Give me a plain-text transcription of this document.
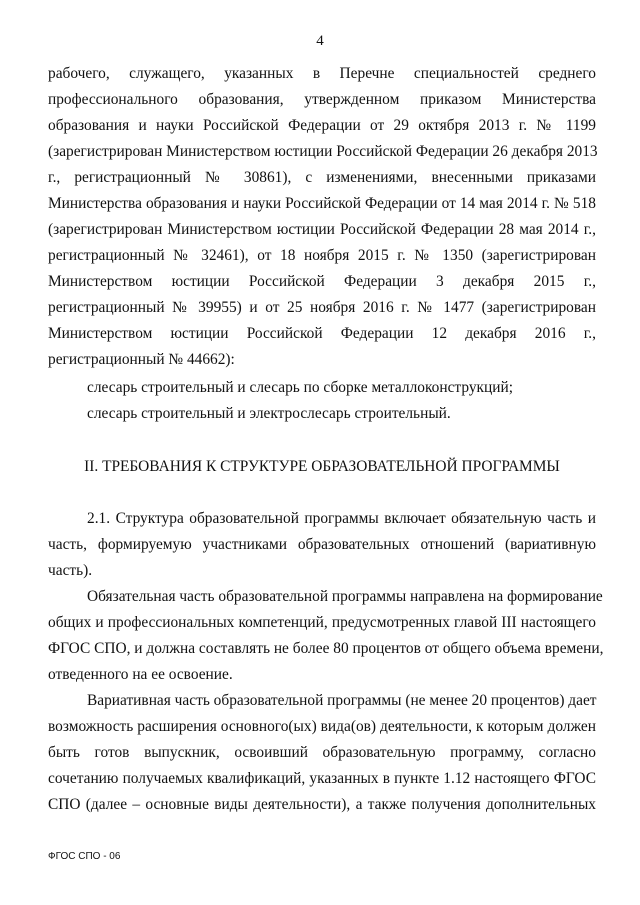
4
рабочего, служащего, указанных в Перечне специальностей среднего
профессионального образования, утвержденном приказом Министерства
образования и науки Российской Федерации от 29 октября 2013 г. № 1199
(зарегистрирован Министерством юстиции Российской Федерации 26 декабря 2013
г., регистрационный № 30861), с изменениями, внесенными приказами
Министерства образования и науки Российской Федерации от 14 мая 2014 г. № 518
(зарегистрирован Министерством юстиции Российской Федерации 28 мая 2014 г.,
регистрационный № 32461), от 18 ноября 2015 г. № 1350 (зарегистрирован
Министерством юстиции Российской Федерации 3 декабря 2015 г.,
регистрационный № 39955) и от 25 ноября 2016 г. № 1477 (зарегистрирован
Министерством юстиции Российской Федерации 12 декабря 2016 г.,
регистрационный № 44662):
слесарь строительный и слесарь по сборке металлоконструкций;
слесарь строительный и электрослесарь строительный.
II. ТРЕБОВАНИЯ К СТРУКТУРЕ ОБРАЗОВАТЕЛЬНОЙ ПРОГРАММЫ
2.1. Структура образовательной программы включает обязательную часть и
часть, формируемую участниками образовательных отношений (вариативную
часть).
Обязательная часть образовательной программы направлена на формирование
общих и профессиональных компетенций, предусмотренных главой III настоящего
ФГОС СПО, и должна составлять не более 80 процентов от общего объема времени,
отведенного на ее освоение.
Вариативная часть образовательной программы (не менее 20 процентов) дает
возможность расширения основного(ых) вида(ов) деятельности, к которым должен
быть готов выпускник, освоивший образовательную программу, согласно
сочетанию получаемых квалификаций, указанных в пункте 1.12 настоящего ФГОС
СПО (далее – основные виды деятельности), а также получения дополнительных
ФГОС СПО - 06
